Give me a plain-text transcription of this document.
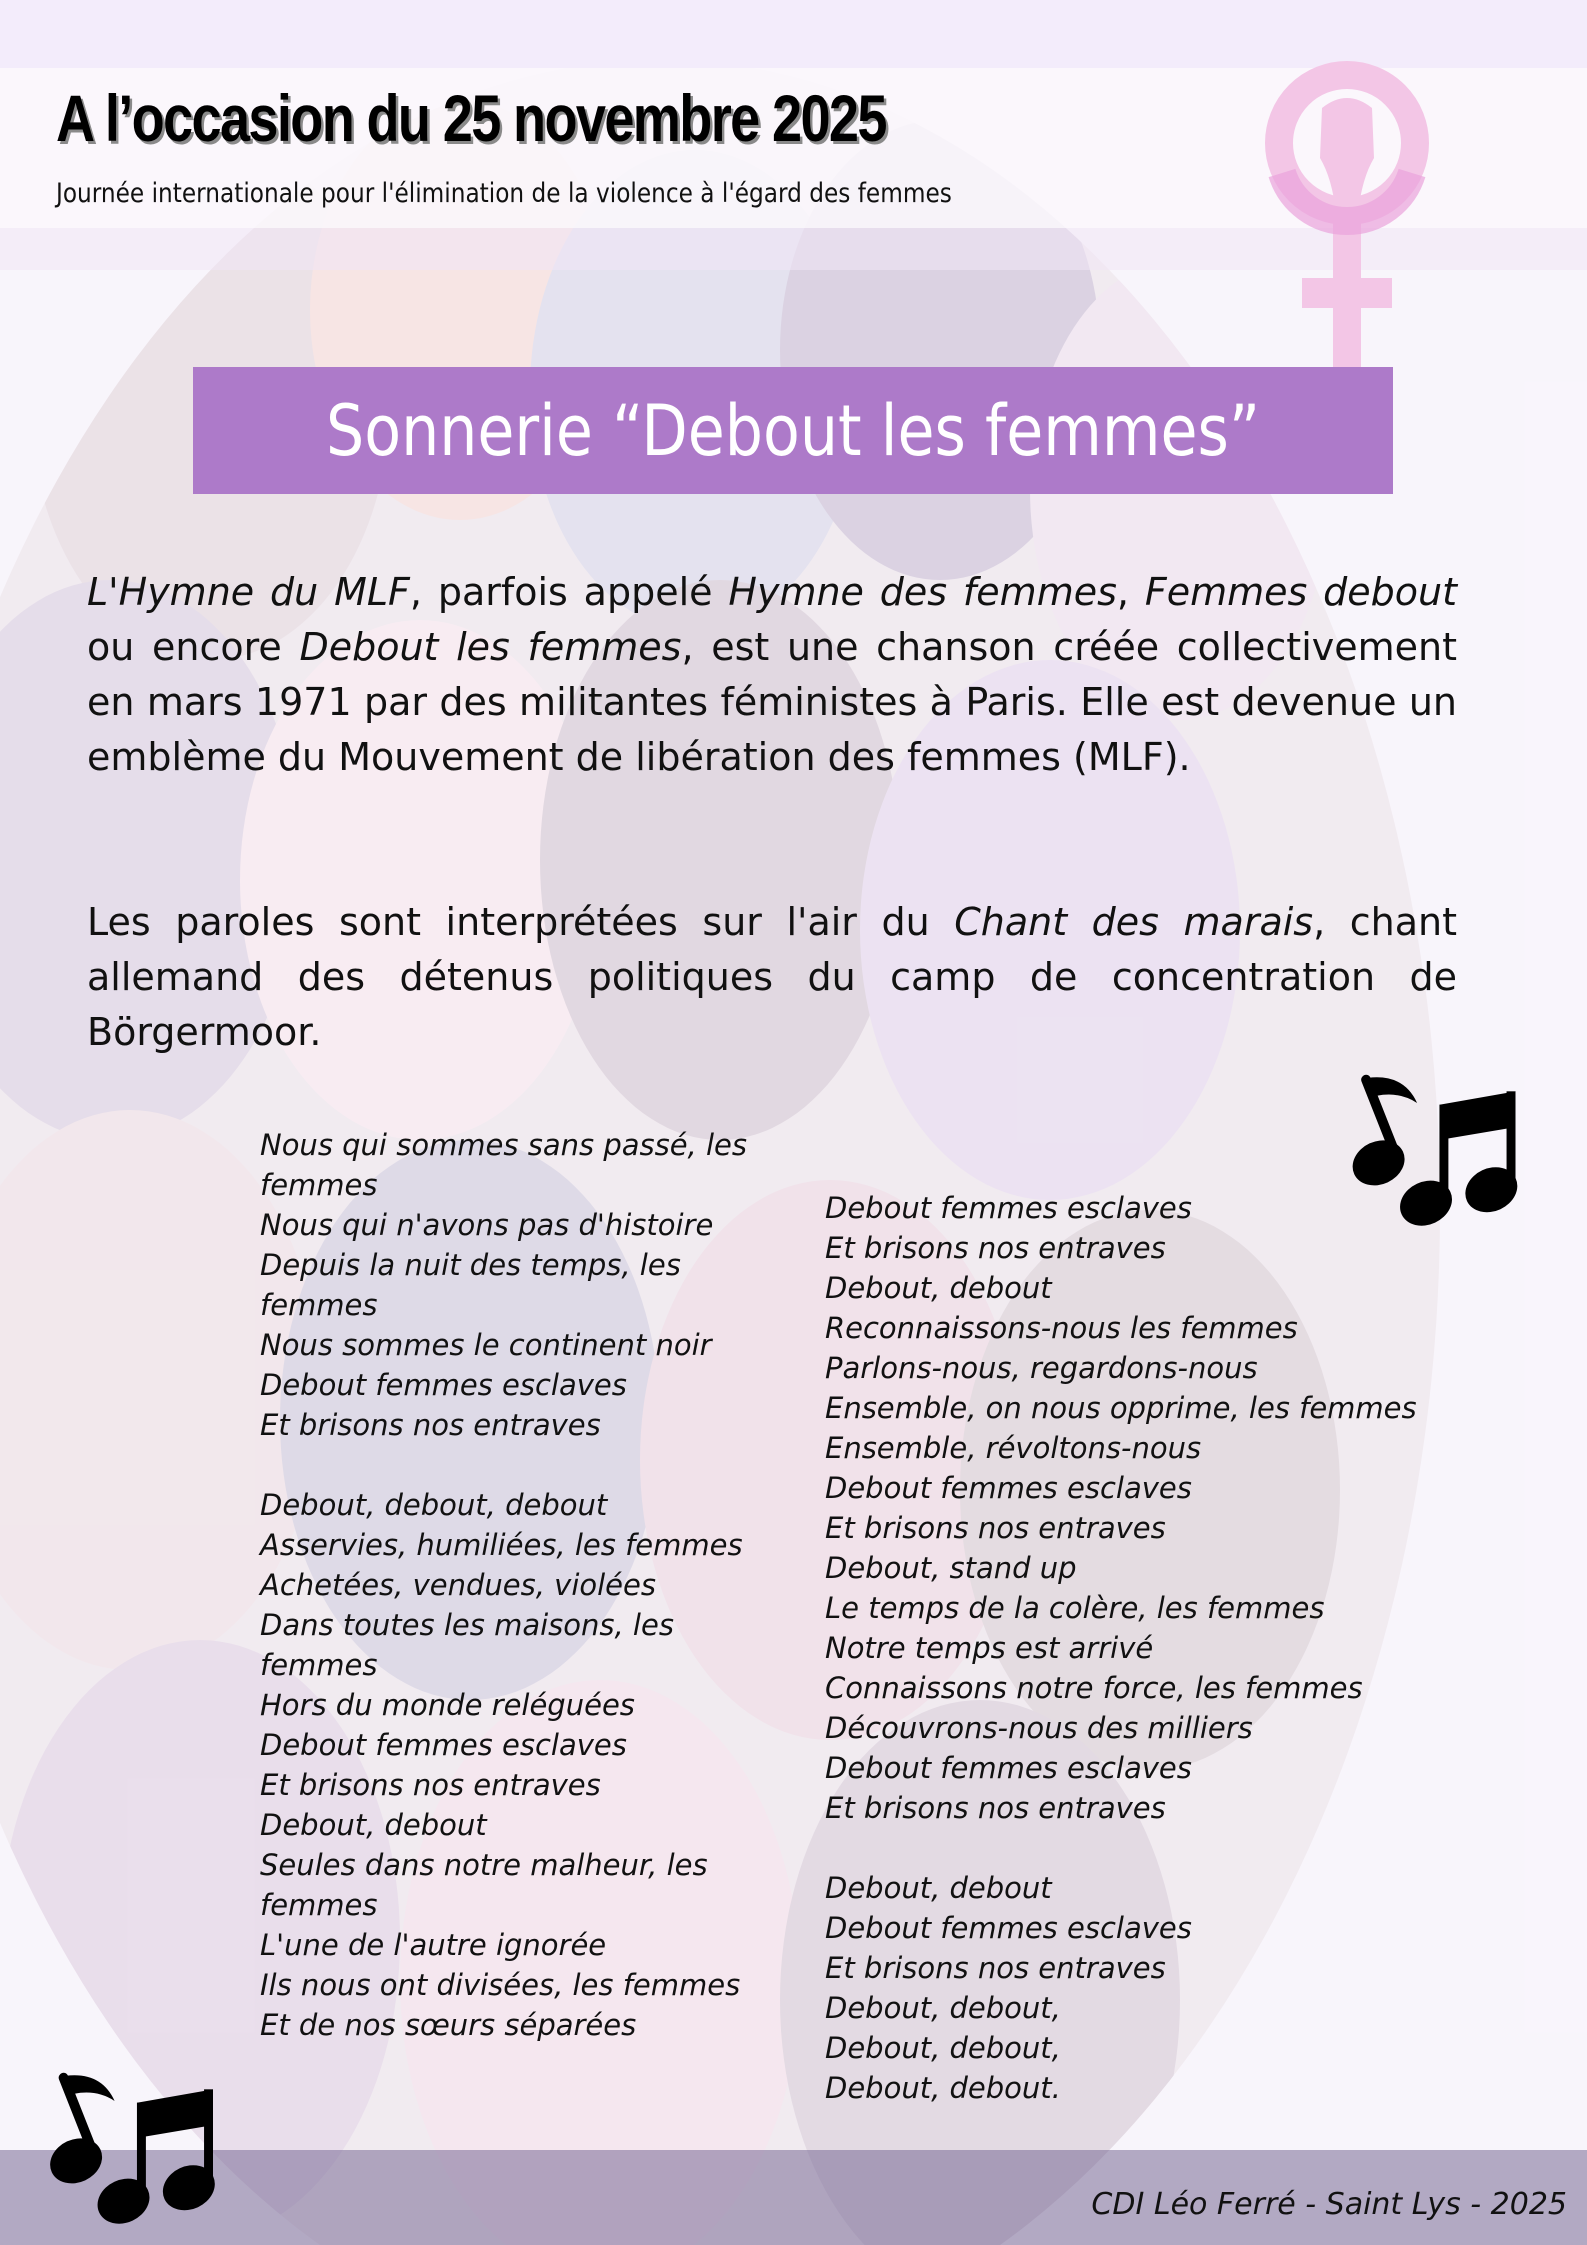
A l’occasion du 25 novembre 2025

Journée internationale pour l'élimination de la violence à l'égard des femmes

Sonnerie “Debout les femmes”

L'Hymne du MLF, parfois appelé Hymne des femmes, Femmes debout ou encore Debout les femmes, est une chanson créée collectivement en mars 1971 par des militantes féministes à Paris. Elle est devenue un emblème du Mouvement de libération des femmes (MLF).

Les paroles sont interprétées sur l'air du Chant des marais, chant allemand des détenus politiques du camp de concentration de Börgermoor.

Nous qui sommes sans passé, les femmes
Nous qui n'avons pas d'histoire
Depuis la nuit des temps, les femmes
Nous sommes le continent noir
Debout femmes esclaves
Et brisons nos entraves
Debout, debout, debout
Asservies, humiliées, les femmes
Achetées, vendues, violées
Dans toutes les maisons, les femmes
Hors du monde reléguées
Debout femmes esclaves
Et brisons nos entraves
Debout, debout
Seules dans notre malheur, les femmes
L'une de l'autre ignorée
Ils nous ont divisées, les femmes
Et de nos sœurs séparées
Debout femmes esclaves
Et brisons nos entraves
Debout, debout
Reconnaissons-nous les femmes
Parlons-nous, regardons-nous
Ensemble, on nous opprime, les femmes
Ensemble, révoltons-nous
Debout femmes esclaves
Et brisons nos entraves
Debout, stand up
Le temps de la colère, les femmes
Notre temps est arrivé
Connaissons notre force, les femmes
Découvrons-nous des milliers
Debout femmes esclaves
Et brisons nos entraves
Debout, debout
Debout femmes esclaves
Et brisons nos entraves
Debout, debout,
Debout, debout,
Debout, debout.
CDI Léo Ferré - Saint Lys - 2025
